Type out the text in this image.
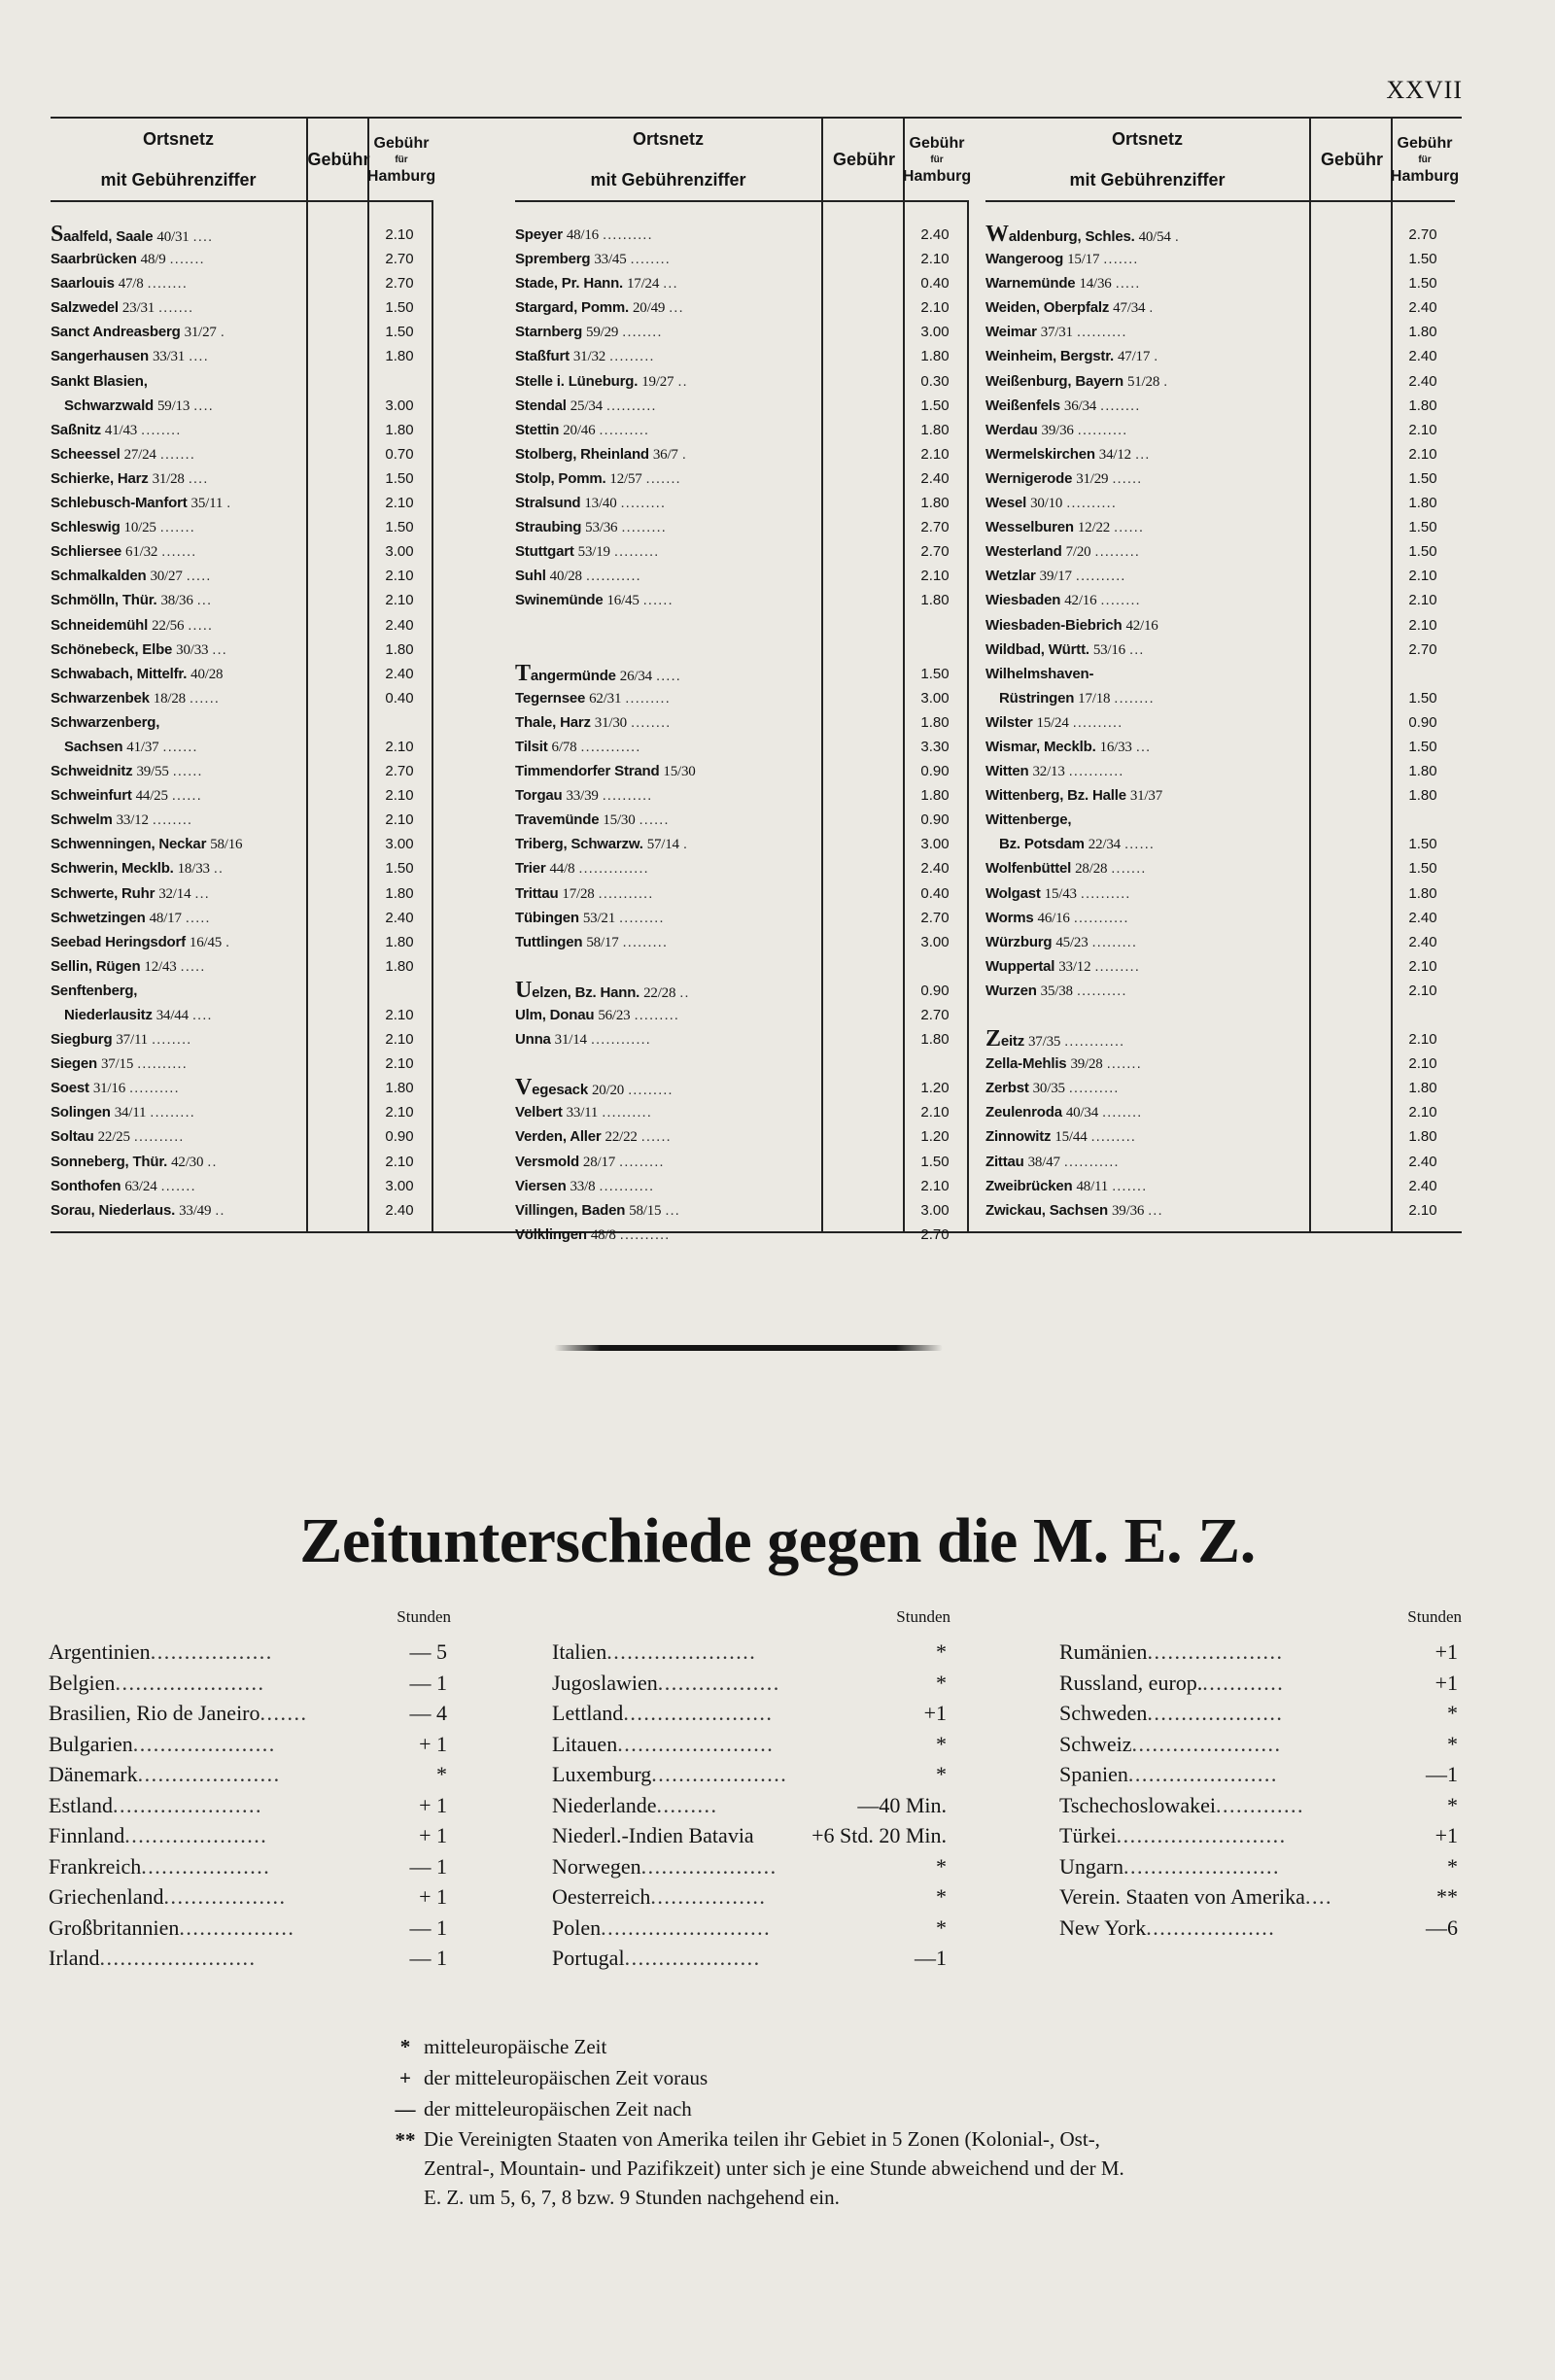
XXVII
Ortsnetz

mit Gebührenziffer
Gebühr
Gebühr
für
Hamburg
Saalfeld, Saale 40/31 ....	2.10
Saarbrücken 48/9 .......	2.70
Saarlouis 47/8 ........	2.70
Salzwedel 23/31 .......	1.50
Sanct Andreasberg 31/27 .	1.50
Sangerhausen 33/31 ....	1.80
Sankt Blasien,
Schwarzwald 59/13 ....	3.00
Saßnitz 41/43 ........	1.80
Scheessel 27/24 .......	0.70
Schierke, Harz 31/28 ....	1.50
Schlebusch-Manfort 35/11 .	2.10
Schleswig 10/25 .......	1.50
Schliersee 61/32 .......	3.00
Schmalkalden 30/27 .....	2.10
Schmölln, Thür. 38/36 ...	2.10
Schneidemühl 22/56 .....	2.40
Schönebeck, Elbe 30/33 ...	1.80
Schwabach, Mittelfr. 40/28	2.40
Schwarzenbek 18/28 ......	0.40
Schwarzenberg,
Sachsen 41/37 .......	2.10
Schweidnitz 39/55 ......	2.70
Schweinfurt 44/25 ......	2.10
Schwelm 33/12 ........	2.10
Schwenningen, Neckar 58/16	3.00
Schwerin, Mecklb. 18/33 ..	1.50
Schwerte, Ruhr 32/14 ...	1.80
Schwetzingen 48/17 .....	2.40
Seebad Heringsdorf 16/45 .	1.80
Sellin, Rügen 12/43 .....	1.80
Senftenberg,
Niederlausitz 34/44 ....	2.10
Siegburg 37/11 ........	2.10
Siegen 37/15 ..........	2.10
Soest 31/16 ..........	1.80
Solingen 34/11 .........	2.10
Soltau 22/25 ..........	0.90
Sonneberg, Thür. 42/30 ..	2.10
Sonthofen 63/24 .......	3.00
Sorau, Niederlaus. 33/49 ..	2.40
Ortsnetz

mit Gebührenziffer
Gebühr
Gebühr
für
Hamburg
Speyer 48/16 ..........	2.40
Spremberg 33/45 ........	2.10
Stade, Pr. Hann. 17/24 ...	0.40
Stargard, Pomm. 20/49 ...	2.10
Starnberg 59/29 ........	3.00
Staßfurt 31/32 .........	1.80
Stelle i. Lüneburg. 19/27 ..	0.30
Stendal 25/34 ..........	1.50
Stettin 20/46 ..........	1.80
Stolberg, Rheinland 36/7 .	2.10
Stolp, Pomm. 12/57 .......	2.40
Stralsund 13/40 .........	1.80
Straubing 53/36 .........	2.70
Stuttgart 53/19 .........	2.70
Suhl 40/28 ...........	2.10
Swinemünde 16/45 ......	1.80
Tangermünde 26/34 .....	1.50
Tegernsee 62/31 .........	3.00
Thale, Harz 31/30 ........	1.80
Tilsit 6/78 ............	3.30
Timmendorfer Strand 15/30	0.90
Torgau 33/39 ..........	1.80
Travemünde 15/30 ......	0.90
Triberg, Schwarzw. 57/14 .	3.00
Trier 44/8 ..............	2.40
Trittau 17/28 ...........	0.40
Tübingen 53/21 .........	2.70
Tuttlingen 58/17 .........	3.00
Uelzen, Bz. Hann. 22/28 ..	0.90
Ulm, Donau 56/23 .........	2.70
Unna 31/14 ............	1.80
Vegesack 20/20 .........	1.20
Velbert 33/11 ..........	2.10
Verden, Aller 22/22 ......	1.20
Versmold 28/17 .........	1.50
Viersen 33/8 ...........	2.10
Villingen, Baden 58/15 ...	3.00
Völklingen 48/8 ..........	2.70
Ortsnetz

mit Gebührenziffer
Gebühr
Gebühr
für
Hamburg
Waldenburg, Schles. 40/54 .	2.70
Wangeroog 15/17 .......	1.50
Warnemünde 14/36 .....	1.50
Weiden, Oberpfalz 47/34 .	2.40
Weimar 37/31 ..........	1.80
Weinheim, Bergstr. 47/17 .	2.40
Weißenburg, Bayern 51/28 .	2.40
Weißenfels 36/34 ........	1.80
Werdau 39/36 ..........	2.10
Wermelskirchen 34/12 ...	2.10
Wernigerode 31/29 ......	1.50
Wesel 30/10 ..........	1.80
Wesselburen 12/22 ......	1.50
Westerland 7/20 .........	1.50
Wetzlar 39/17 ..........	2.10
Wiesbaden 42/16 ........	2.10
Wiesbaden-Biebrich 42/16	2.10
Wildbad, Württ. 53/16 ...	2.70
Wilhelmshaven-
Rüstringen 17/18 ........	1.50
Wilster 15/24 ..........	0.90
Wismar, Mecklb. 16/33 ...	1.50
Witten 32/13 ...........	1.80
Wittenberg, Bz. Halle 31/37	1.80
Wittenberge,
Bz. Potsdam 22/34 ......	1.50
Wolfenbüttel 28/28 .......	1.50
Wolgast 15/43 ..........	1.80
Worms 46/16 ...........	2.40
Würzburg 45/23 .........	2.40
Wuppertal 33/12 .........	2.10
Wurzen 35/38 ..........	2.10
Zeitz 37/35 ............	2.10
Zella-Mehlis 39/28 .......	2.10
Zerbst 30/35 ..........	1.80
Zeulenroda 40/34 ........	2.10
Zinnowitz 15/44 .........	1.80
Zittau 38/47 ...........	2.40
Zweibrücken 48/11 .......	2.40
Zwickau, Sachsen 39/36 ...	2.10
Zeitunterschiede gegen die M. E. Z.
Stunden
Argentinien..................	— 5
Belgien......................	— 1
Brasilien, Rio de Janeiro.......	— 4
Bulgarien.....................	+ 1
Dänemark.....................	*
Estland......................	+ 1
Finnland.....................	+ 1
Frankreich...................	— 1
Griechenland..................	+ 1
Großbritannien.................	— 1
Irland.......................	— 1
Stunden
Italien......................	*
Jugoslawien..................	*
Lettland......................	+1
Litauen.......................	*
Luxemburg....................	*
Niederlande.........	—40 Min.
Niederl.-Indien Batavia	+6 Std. 20 Min.
Norwegen....................	*
Oesterreich.................	*
Polen.........................	*
Portugal....................	—1
Stunden
Rumänien....................	+1
Russland, europ.............	+1
Schweden....................	*
Schweiz......................	*
Spanien......................	—1
Tschechoslowakei.............	*
Türkei.........................	+1
Ungarn.......................	*
Verein. Staaten von Amerika....	**
New York...................	—6
* mitteleuropäische Zeit
+ der mitteleuropäischen Zeit voraus
— der mitteleuropäischen Zeit nach
** Die Vereinigten Staaten von Amerika teilen ihr Gebiet in 5 Zonen (Kolonial-, Ost-, Zentral-, Mountain- und Pazifikzeit) unter sich je eine Stunde abweichend und der M. E. Z. um 5, 6, 7, 8 bzw. 9 Stunden nachgehend ein.
